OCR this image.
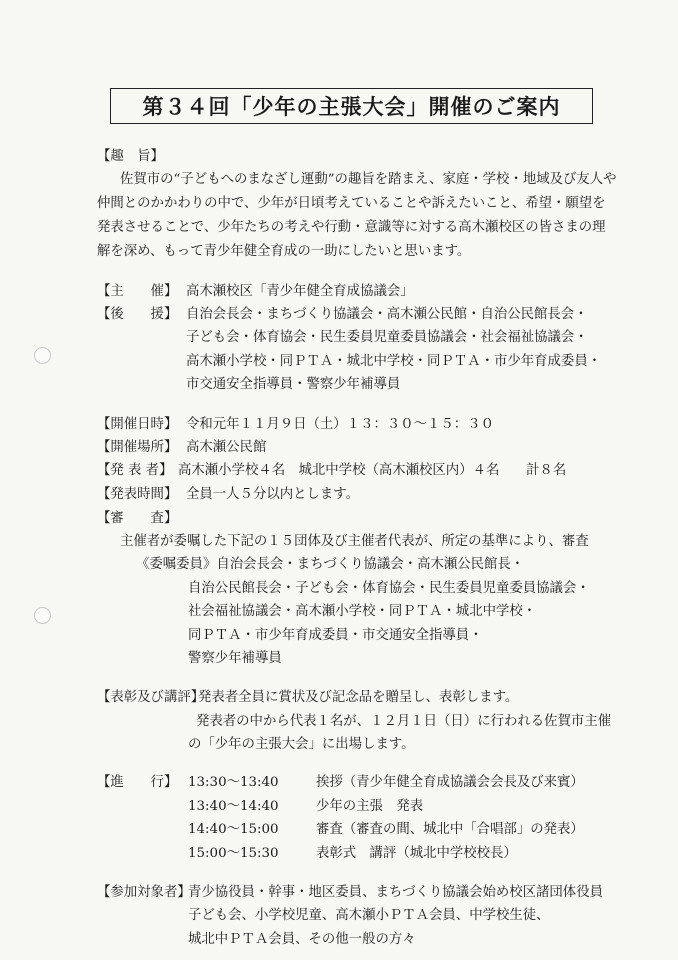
第３４回「少年の主張大会」開催のご案内
【趣　旨】
佐賀市の“子どもへのまなざし運動”の趣旨を踏まえ、家庭・学校・地域及び友人や
仲間とのかかわりの中で、少年が日頃考えていることや訴えたいこと、希望・願望を
発表させることで、少年たちの考えや行動・意識等に対する高木瀬校区の皆さまの理
解を深め、もって青少年健全育成の一助にしたいと思います。
【主　　催】 高木瀬校区「青少年健全育成協議会」
【後　　援】 自治会長会・まちづくり協議会・高木瀬公民館・自治公民館長会・
子ども会・体育協会・民生委員児童委員協議会・社会福祉協議会・
高木瀬小学校・同ＰＴＡ・城北中学校・同ＰＴＡ・市少年育成委員・
市交通安全指導員・警察少年補導員
【開催日時】 令和元年１１月９日（土）１３：３０～１５：３０
【開催場所】 高木瀬公民館
【発 表 者】 高木瀬小学校４名　城北中学校（高木瀬校区内）４名　　計８名
【発表時間】 全員一人５分以内とします。
【審　　査】
主催者が委嘱した下記の１５団体及び主催者代表が、所定の基準により、審査
《委嘱委員》自治会長会・まちづくり協議会・高木瀬公民館長・
自治公民館長会・子ども会・体育協会・民生委員児童委員協議会・
社会福祉協議会・高木瀬小学校・同ＰＴＡ・城北中学校・
同ＰＴＡ・市少年育成委員・市交通安全指導員・
警察少年補導員
【表彰及び講評】
発表者全員に賞状及び記念品を贈呈し、表彰します。
発表者の中から代表１名が、１２月１日（日）に行われる佐賀市主催
の「少年の主張大会」に出場します。
【進　　行】 13:30～13:40	挨拶（青少年健全育成協議会会長及び来賓）
13:40～14:40	少年の主張　発表
14:40～15:00	審査（審査の間、城北中「合唱部」の発表）
15:00～15:30	表彰式　講評（城北中学校校長）
【参加対象者】
青少協役員・幹事・地区委員、まちづくり協議会始め校区諸団体役員
子ども会、小学校児童、高木瀬小ＰＴＡ会員、中学校生徒、
城北中ＰＴＡ会員、その他一般の方々
